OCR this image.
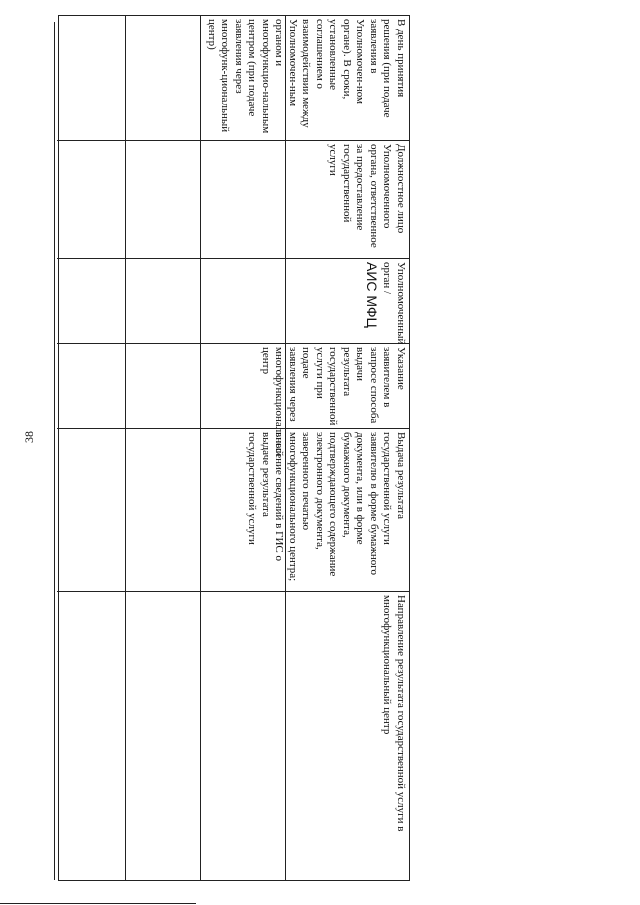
38

В день принятия решения (при подаче заявления в Уполномочен-ном органе). В сроки, установленные соглашением о взаимодействии между Уполномочен-ным органом и многофункцио-нальным центром (при подаче заявления через многофунк-циональный центр)

Должностное лицо Уполномоченного органа, ответственное за предоставление государственной услуги

Уполномоченный орган /

АИС МФЦ

Указание заявителем в запросе способа выдачи результата государственной услуги при подаче заявления через многофункциональный центр

Выдача результата государственной услуги заявителю в форме бумажного документа, или в форме бумажного документа, подтверждающего содержание электронного документа, заверенного печатью многофункционального центра; внесение сведений в ГИС о выдаче результата государственной услуги

Направление результата государственной услуги в многофункциональный центр
